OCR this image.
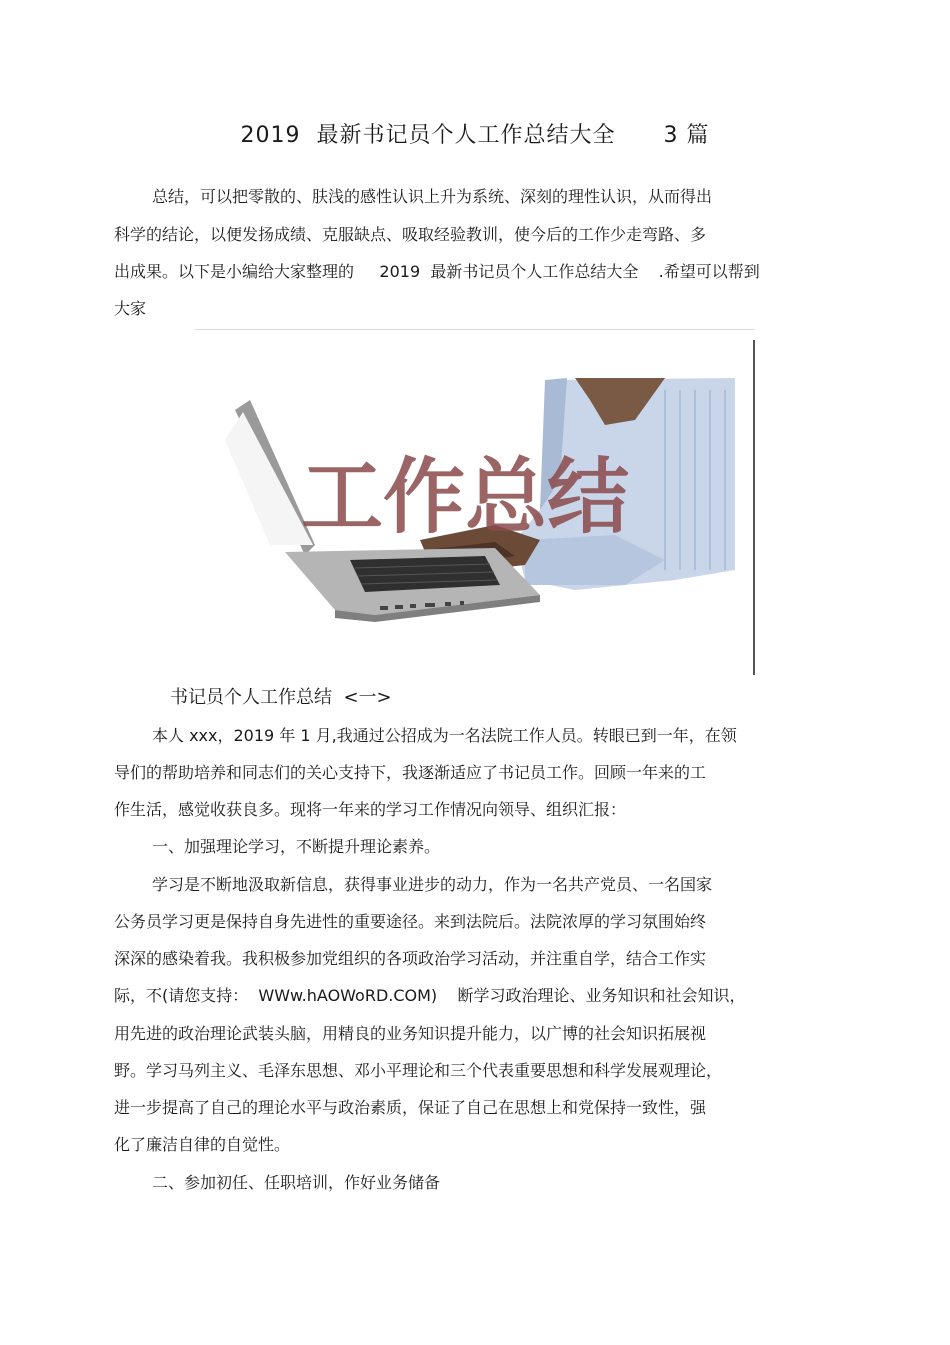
2019  最新书记员个人工作总结大全      3 篇
总结，可以把零散的、肤浅的感性认识上升为系统、深刻的理性认识，从而得出
科学的结论，以便发扬成绩、克服缺点、吸取经验教训，使今后的工作少走弯路、多
出成果。以下是小编给大家整理的     2019  最新书记员个人工作总结大全    .希望可以帮到
大家
工作总结
书记员个人工作总结  <一>
本人 xxx，2019 年 1 月,我通过公招成为一名法院工作人员。转眼已到一年，在领
导们的帮助培养和同志们的关心支持下，我逐渐适应了书记员工作。回顾一年来的工
作生活，感觉收获良多。现将一年来的学习工作情况向领导、组织汇报：
一、加强理论学习，不断提升理论素养。
学习是不断地汲取新信息，获得事业进步的动力，作为一名共产党员、一名国家
公务员学习更是保持自身先进性的重要途径。来到法院后。法院浓厚的学习氛围始终
深深的感染着我。我积极参加党组织的各项政治学习活动，并注重自学，结合工作实
际，不(请您支持：  WWw.hAOWoRD.COM)    断学习政治理论、业务知识和社会知识，
用先进的政治理论武装头脑，用精良的业务知识提升能力，以广博的社会知识拓展视
野。学习马列主义、毛泽东思想、邓小平理论和三个代表重要思想和科学发展观理论，
进一步提高了自己的理论水平与政治素质，保证了自己在思想上和党保持一致性，强
化了廉洁自律的自觉性。
二、参加初任、任职培训，作好业务储备
